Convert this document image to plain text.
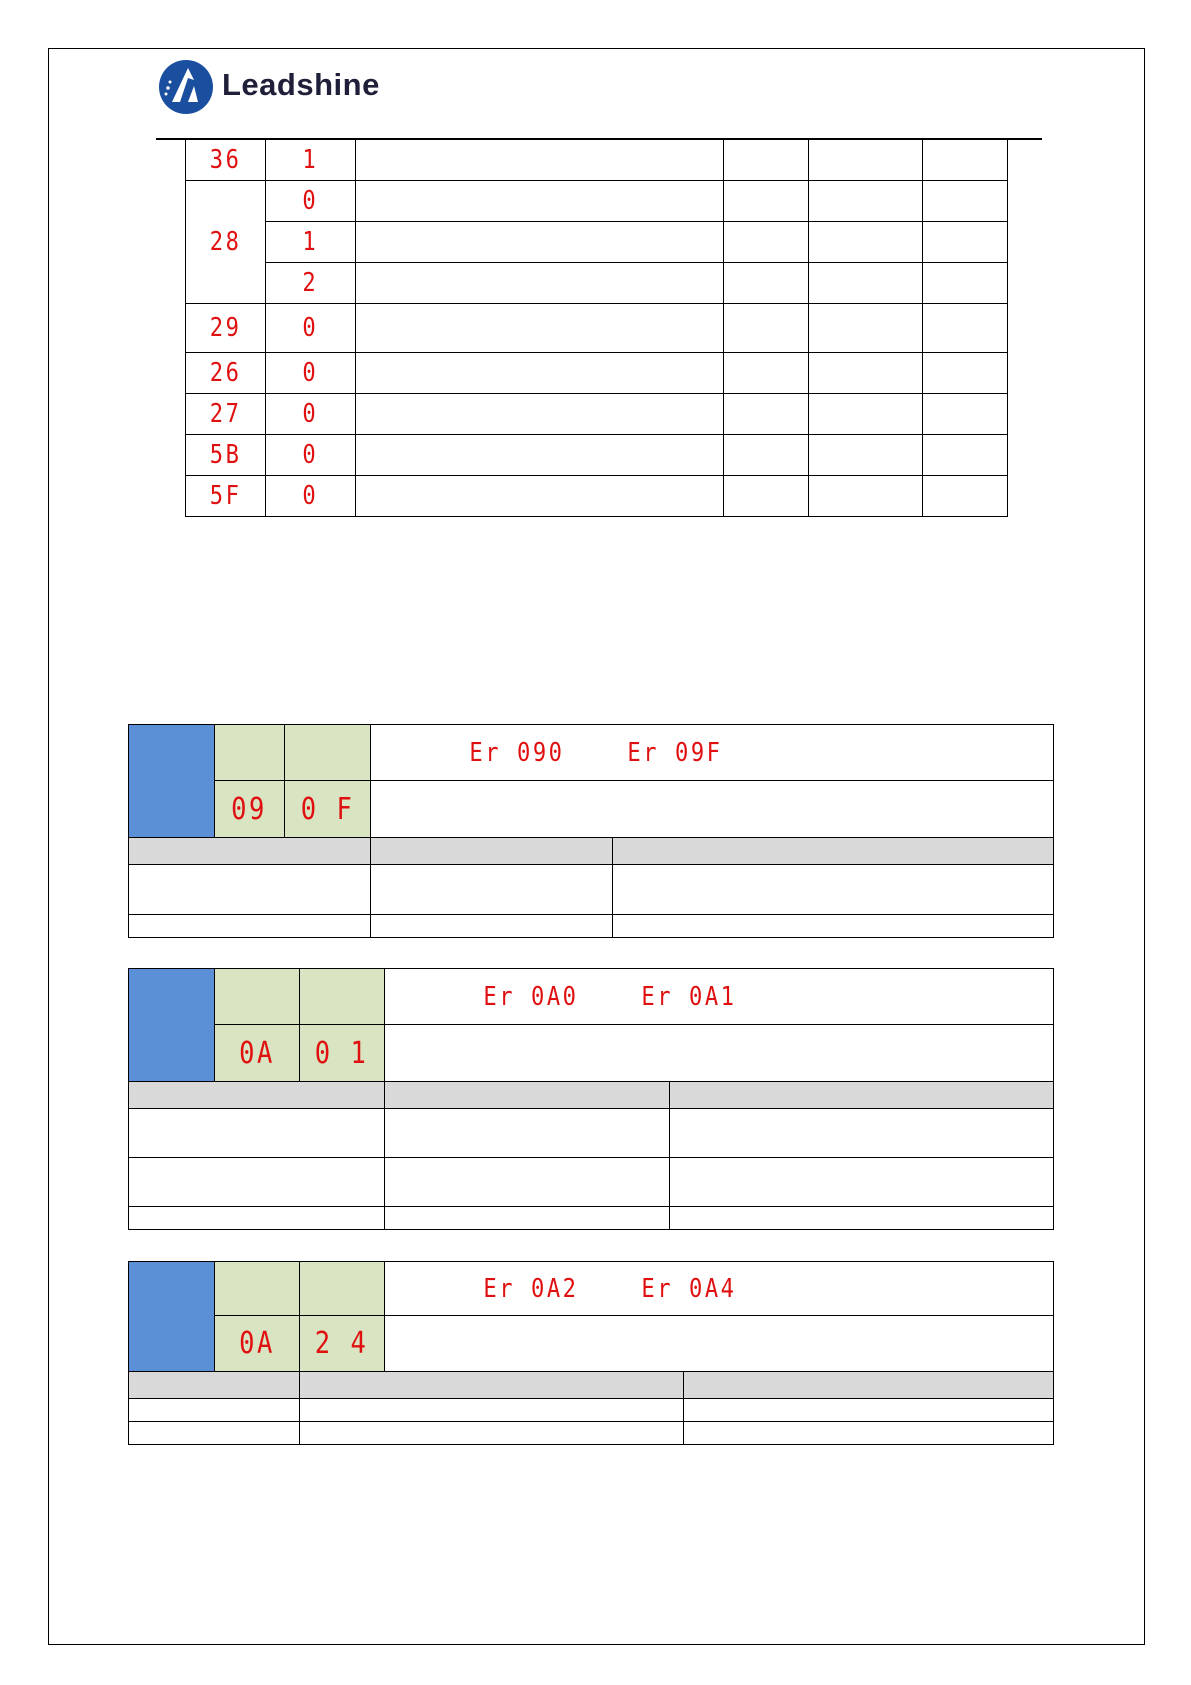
Leadshine
36	1				

28	0				

	1				

	2				

29	0				

26	0				

27	0				

5B	0				

5F	0				

			Er 090
Er 09F	

	09	0 F		

			Er 0A0
Er 0A1	

	0A	0 1		

			Er 0A2
Er 0A4	

	0A	2 4		
